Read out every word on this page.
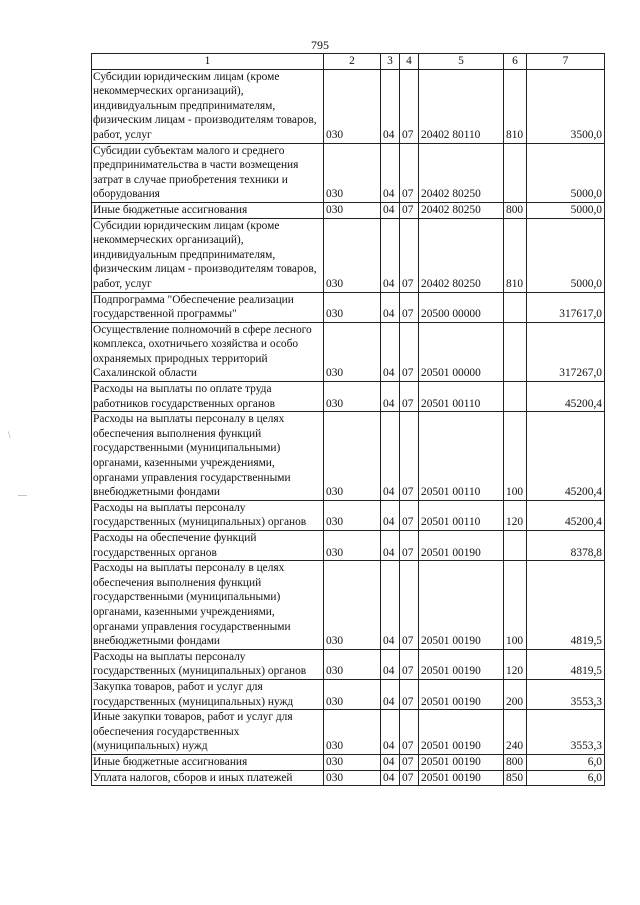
795
\
—
1	2	3	4	5	6	7
Субсидии юридическим лицам (кроме некоммерческих организаций), индивидуальным предпринимателям, физическим лицам - производителям товаров, работ, услуг	030	04	07	20402 80110	810	3500,0
Субсидии субъектам малого и среднего предпринимательства в части возмещения затрат в случае приобретения техники и оборудования	030	04	07	20402 80250		5000,0
Иные бюджетные ассигнования	030	04	07	20402 80250	800	5000,0
Субсидии юридическим лицам (кроме некоммерческих организаций), индивидуальным предпринимателям, физическим лицам - производителям товаров, работ, услуг	030	04	07	20402 80250	810	5000,0
Подпрограмма "Обеспечение реализации государственной программы"	030	04	07	20500 00000		317617,0
Осуществление полномочий в сфере лесного комплекса, охотничьего хозяйства и особо охраняемых природных территорий Сахалинской области	030	04	07	20501 00000		317267,0
Расходы на выплаты по оплате труда работников государственных органов	030	04	07	20501 00110		45200,4
Расходы на выплаты персоналу в целях обеспечения выполнения функций государственными (муниципальными) органами, казенными учреждениями, органами управления государственными внебюджетными фондами	030	04	07	20501 00110	100	45200,4
Расходы на выплаты персоналу государственных (муниципальных) органов	030	04	07	20501 00110	120	45200,4
Расходы на обеспечение функций государственных органов	030	04	07	20501 00190		8378,8
Расходы на выплаты персоналу в целях обеспечения выполнения функций государственными (муниципальными) органами, казенными учреждениями, органами управления государственными внебюджетными фондами	030	04	07	20501 00190	100	4819,5
Расходы на выплаты персоналу государственных (муниципальных) органов	030	04	07	20501 00190	120	4819,5
Закупка товаров, работ и услуг для государственных (муниципальных) нужд	030	04	07	20501 00190	200	3553,3
Иные закупки товаров, работ и услуг для обеспечения государственных (муниципальных) нужд	030	04	07	20501 00190	240	3553,3
Иные бюджетные ассигнования	030	04	07	20501 00190	800	6,0
Уплата налогов, сборов и иных платежей	030	04	07	20501 00190	850	6,0
